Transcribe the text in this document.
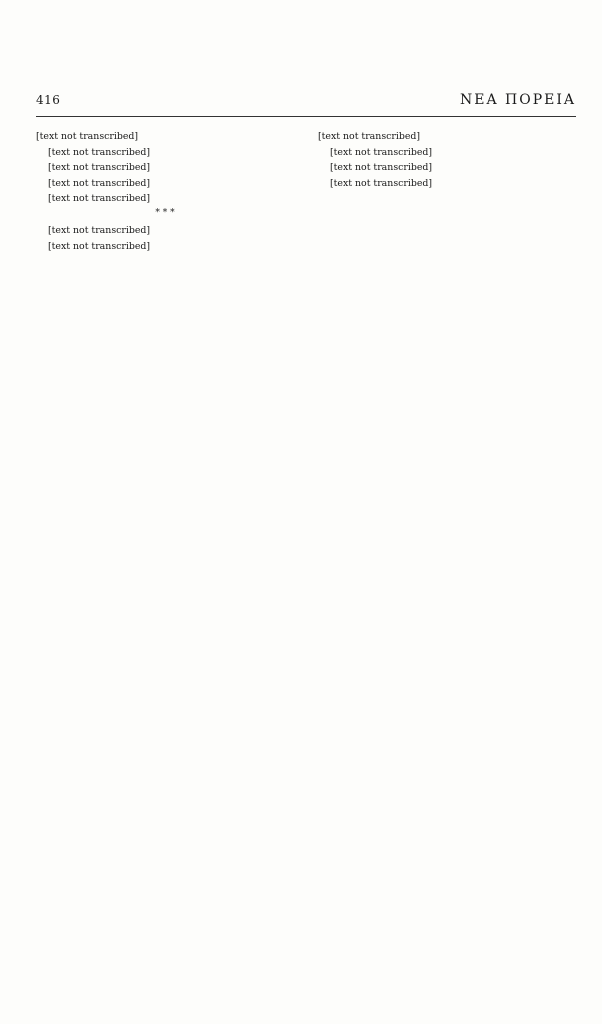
416	ΝΕΑ ΠΟΡΕΙΑ

[text not transcribed]

[text not transcribed]

[text not transcribed]

[text not transcribed]

[text not transcribed]

* * *

[text not transcribed]

[text not transcribed]

[text not transcribed]

[text not transcribed]

[text not transcribed]

[text not transcribed]
